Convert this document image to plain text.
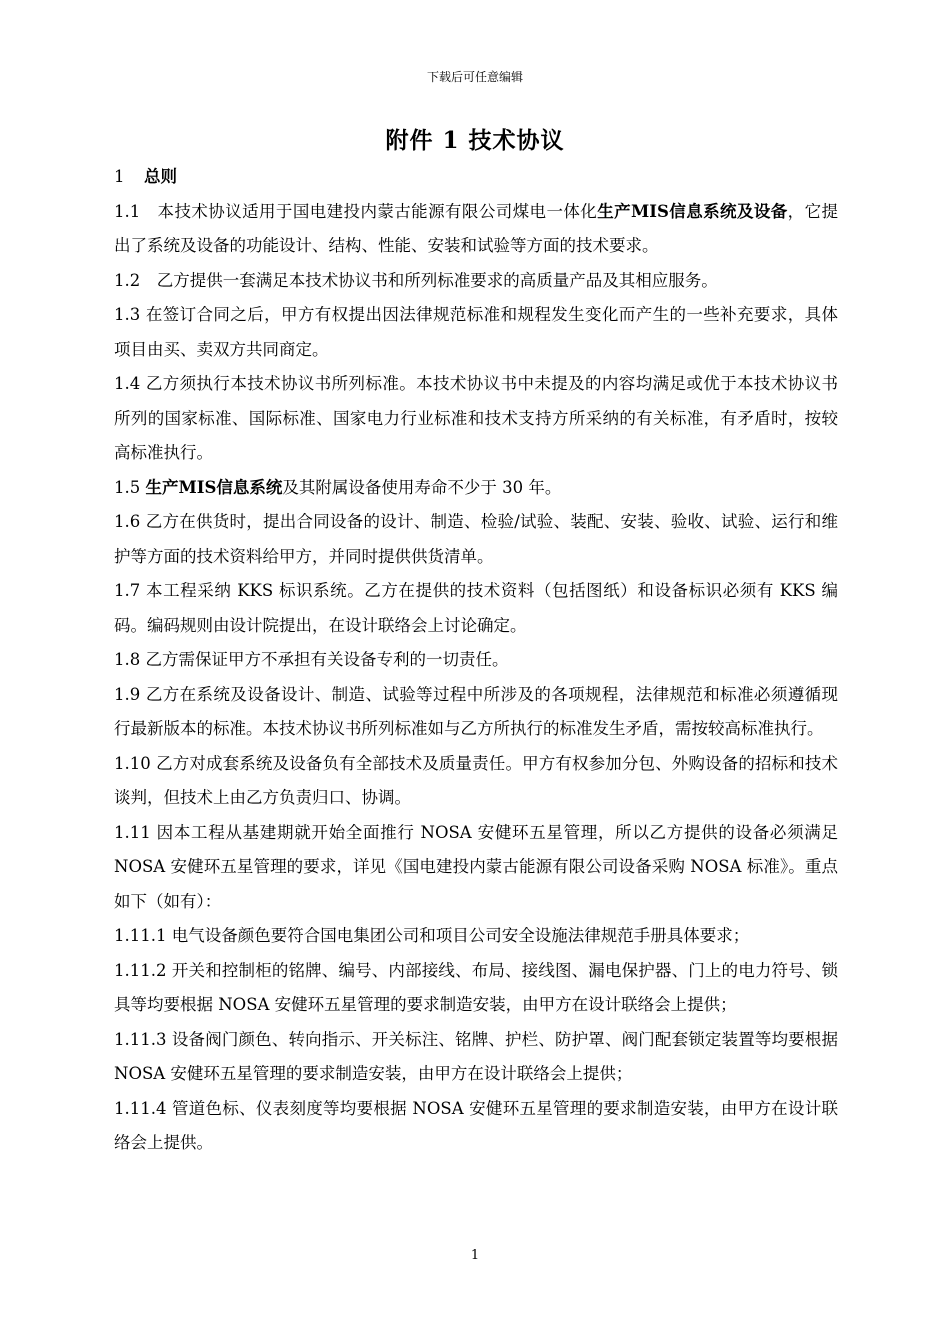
下载后可任意编辑
附件 1 技术协议

1 总则

1.1　本技术协议适用于国电建投内蒙古能源有限公司煤电一体化生产MIS信息系统及设备，它提出了系统及设备的功能设计、结构、性能、安装和试验等方面的技术要求。

1.2　乙方提供一套满足本技术协议书和所列标准要求的高质量产品及其相应服务。

1.3 在签订合同之后，甲方有权提出因法律规范标准和规程发生变化而产生的一些补充要求，具体项目由买、卖双方共同商定。

1.4 乙方须执行本技术协议书所列标准。本技术协议书中未提及的内容均满足或优于本技术协议书所列的国家标准、国际标准、国家电力行业标准和技术支持方所采纳的有关标准，有矛盾时，按较高标准执行。

1.5 生产MIS信息系统及其附属设备使用寿命不少于 30 年。

1.6 乙方在供货时，提出合同设备的设计、制造、检验/试验、装配、安装、验收、试验、运行和维护等方面的技术资料给甲方，并同时提供供货清单。

1.7 本工程采纳 KKS 标识系统。乙方在提供的技术资料（包括图纸）和设备标识必须有 KKS 编码。编码规则由设计院提出，在设计联络会上讨论确定。

1.8 乙方需保证甲方不承担有关设备专利的一切责任。

1.9 乙方在系统及设备设计、制造、试验等过程中所涉及的各项规程，法律规范和标准必须遵循现行最新版本的标准。本技术协议书所列标准如与乙方所执行的标准发生矛盾，需按较高标准执行。

1.10 乙方对成套系统及设备负有全部技术及质量责任。甲方有权参加分包、外购设备的招标和技术谈判，但技术上由乙方负责归口、协调。

1.11 因本工程从基建期就开始全面推行 NOSA 安健环五星管理，所以乙方提供的设备必须满足 NOSA 安健环五星管理的要求，详见《国电建投内蒙古能源有限公司设备采购 NOSA 标准》。重点如下（如有）：

1.11.1 电气设备颜色要符合国电集团公司和项目公司安全设施法律规范手册具体要求；

1.11.2 开关和控制柜的铭牌、编号、内部接线、布局、接线图、漏电保护器、门上的电力符号、锁具等均要根据 NOSA 安健环五星管理的要求制造安装，由甲方在设计联络会上提供；

1.11.3 设备阀门颜色、转向指示、开关标注、铭牌、护栏、防护罩、阀门配套锁定装置等均要根据 NOSA 安健环五星管理的要求制造安装，由甲方在设计联络会上提供；

1.11.4 管道色标、仪表刻度等均要根据 NOSA 安健环五星管理的要求制造安装，由甲方在设计联络会上提供。

1
